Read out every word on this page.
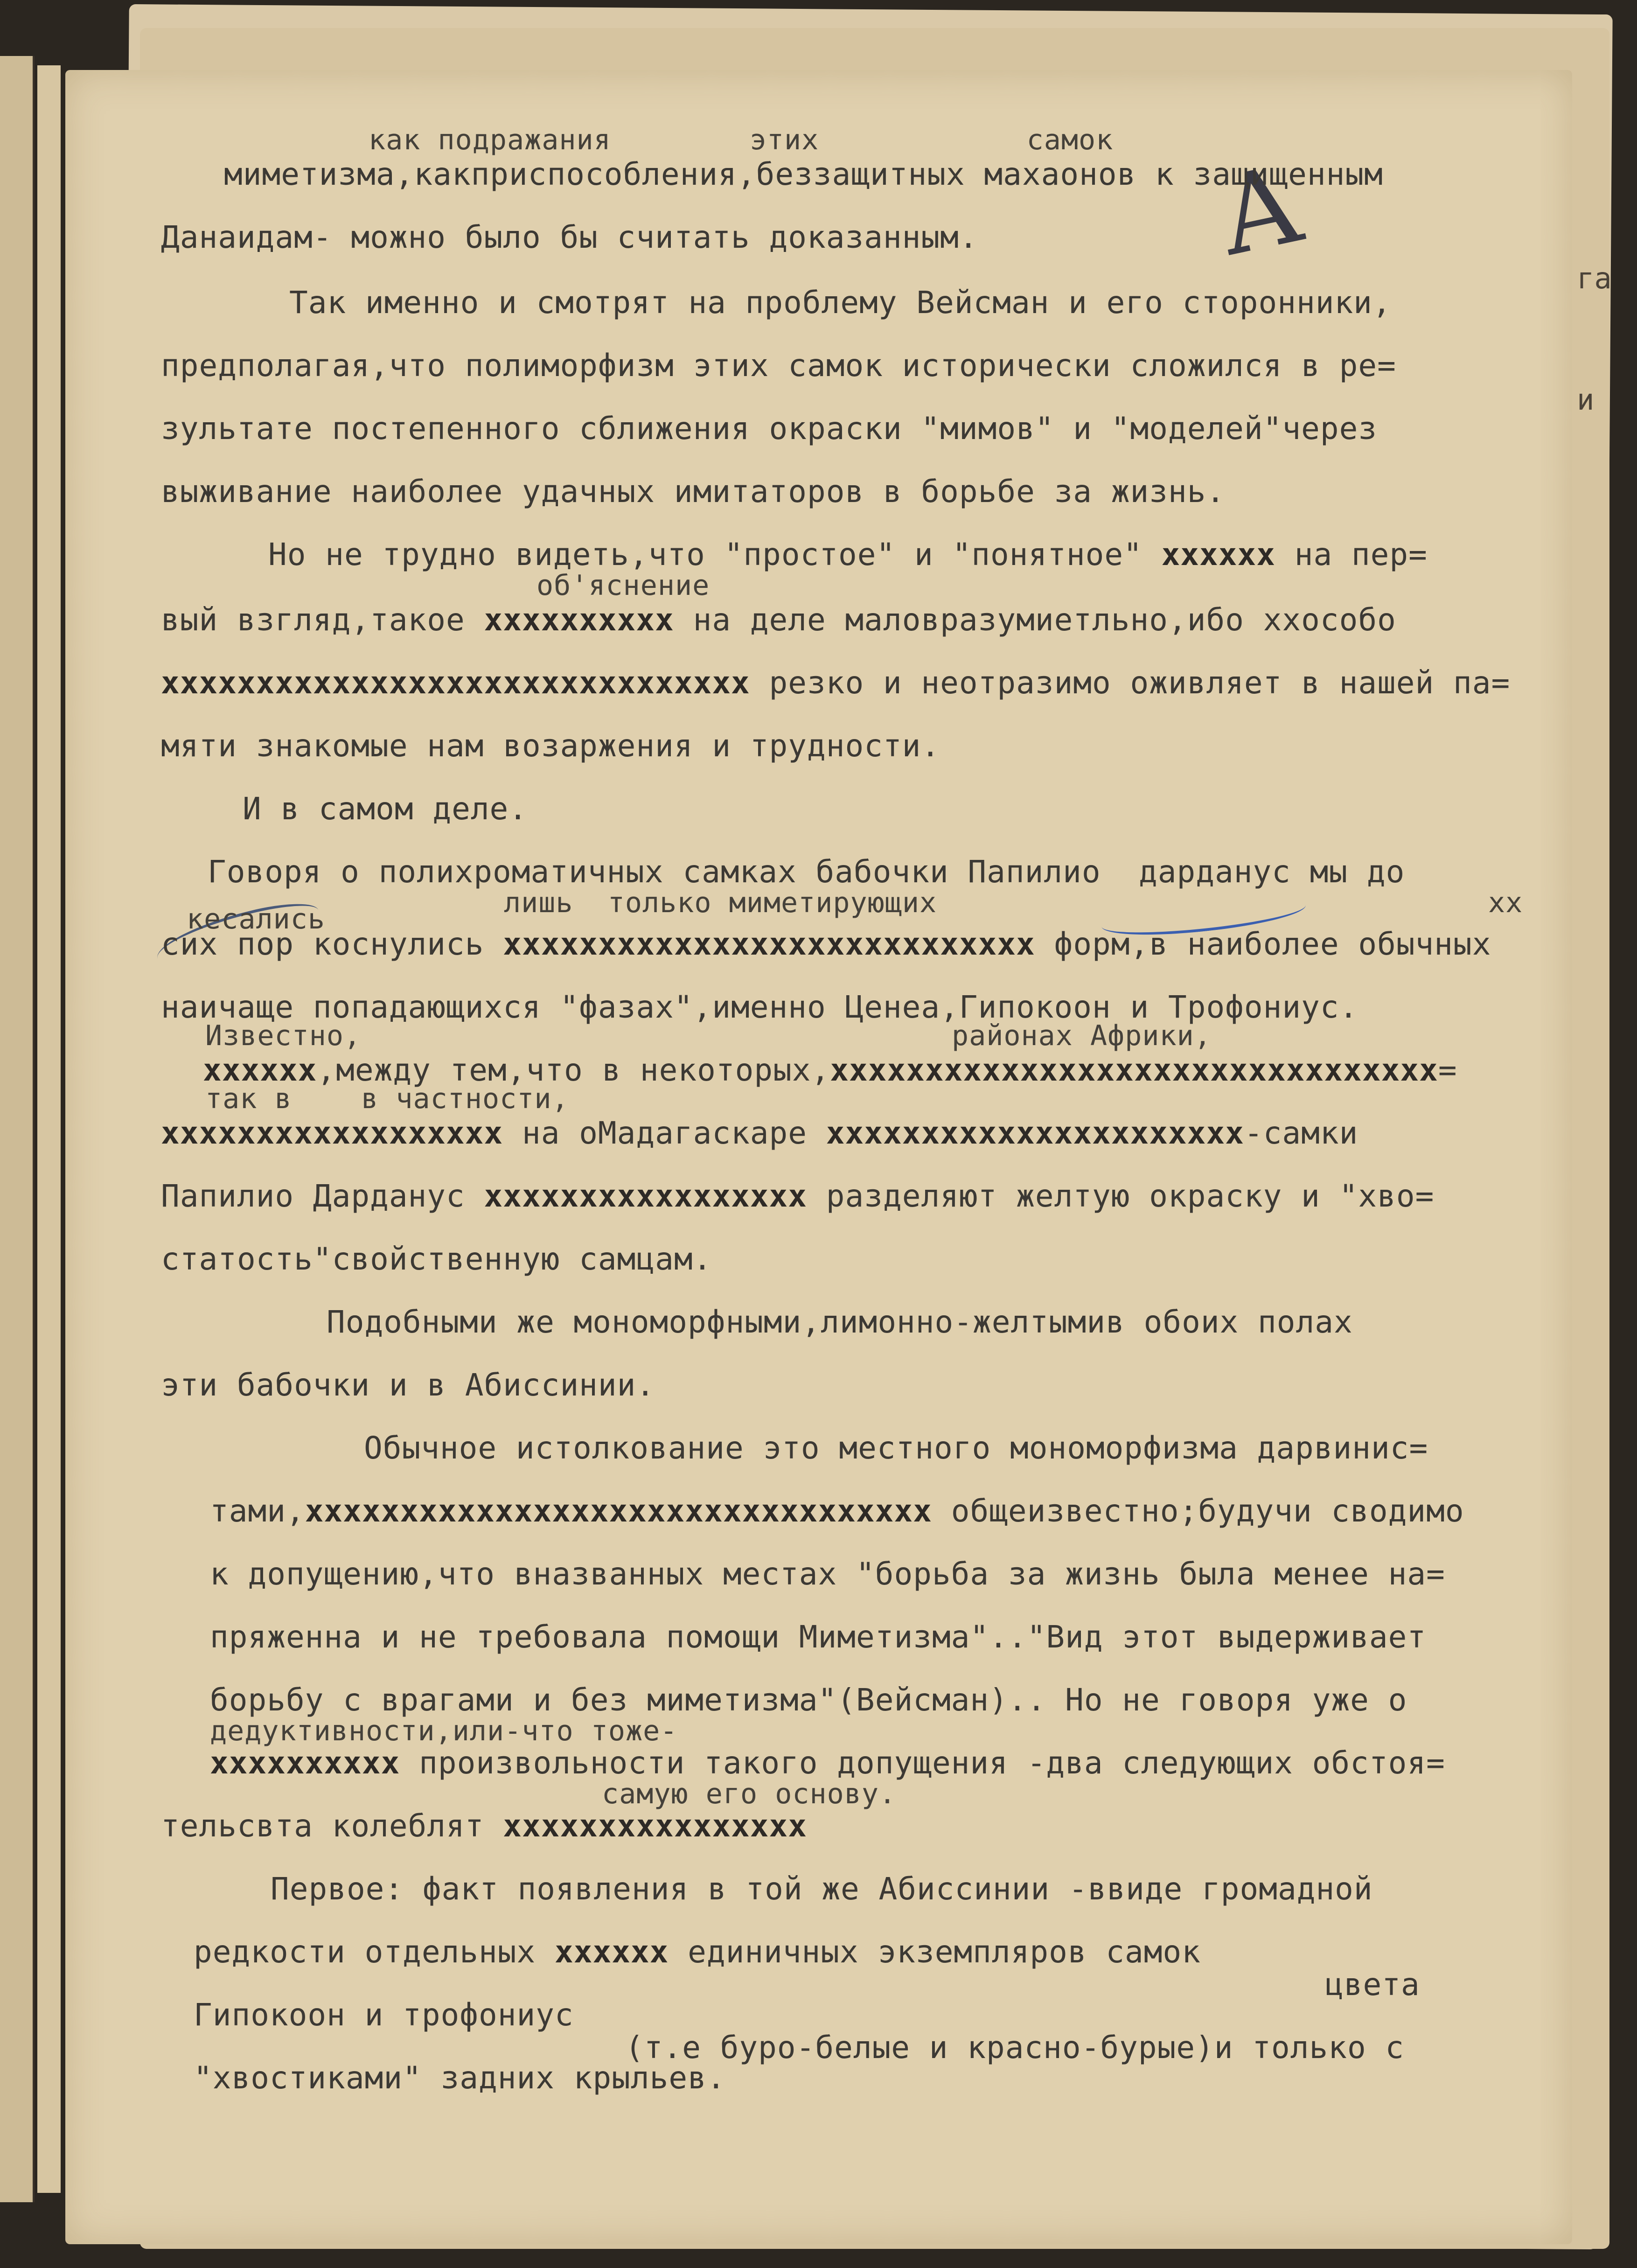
A	га
и
как подражания        этих            самок
миметизма,какприспособления,беззащитных махаонов к защищенным
Данаидам- можно было бы считать доказанным.
Так именно и смотрят на проблему Вейсман и его сторонники,
предполагая,что полиморфизм этих самок исторически сложился в ре=
зультате постепенного сближения окраски "мимов" и "моделей"через
выживание наиболее удачных имитаторов в борьбе за жизнь.
Но не трудно видеть,что "простое" и "понятное" xxxxxx на пер=
об'яснение
вый взгляд,такое xxxxxxxxxx на деле маловразумиетльно,ибо xхособо
xxxxxxxxxxxxxxxxxxxxxxxxxxxxxxx резко и неотразимо оживляет в нашей па=
мяти знакомые нам возаржения и трудности.
И в самом деле.
Говоря о полихроматичных самках бабочки Папилио  дарданус мы до
лишь  только миметирующих	хх
кесались
сих пор коснулись xxxxxxxxxxxxxxxxxxxxxxxxxxxx форм,в наиболее обычных
наичаще попадающихся "фазах",именно Ценеа,Гипокоон и Трофониус.
Известно,	районах Африки,
xxxxxx,между тем,что в некоторых,xxxxxxxxxxxxxxxxxxxxxxxxxxxxxxxx=
так в    в частности,
xxxxxxxxxxxxxxxxxx на оМадагаскаре xxxxxxxxxxxxxxxxxxxxxx-самки
Папилио Дарданус xxxxxxxxxxxxxxxxx разделяют желтую окраску и "хво=
статость"свойственную самцам.
Подобными же мономорфными,лимонно-желтымив обоих полах
эти бабочки и в Абиссинии.
Обычное истолкование это местного мономорфизма дарвинис=
тами,xxxxxxxxxxxxxxxxxxxxxxxxxxxxxxxxx общеизвестно;будучи сводимо
к допущению,что вназванных местах "борьба за жизнь была менее на=
пряженна и не требовала помощи Миметизма".."Вид этот выдерживает
борьбу с врагами и без миметизма"(Вейсман).. Но не говоря уже о
дедуктивности,или-что тоже-
xxxxxxxxxx произвольности такого допущения -два следующих обстоя=
самую его основу.
тельсвта колеблят xxxxxxxxxxxxxxxx
Первое: факт появления в той же Абиссинии -ввиде громадной
редкости отдельных xxxxxx единичных экземпляров самок
цвета
Гипокоон и трофониус
(т.е буро-белые и красно-бурые)и только с
"хвостиками" задних крыльев.
